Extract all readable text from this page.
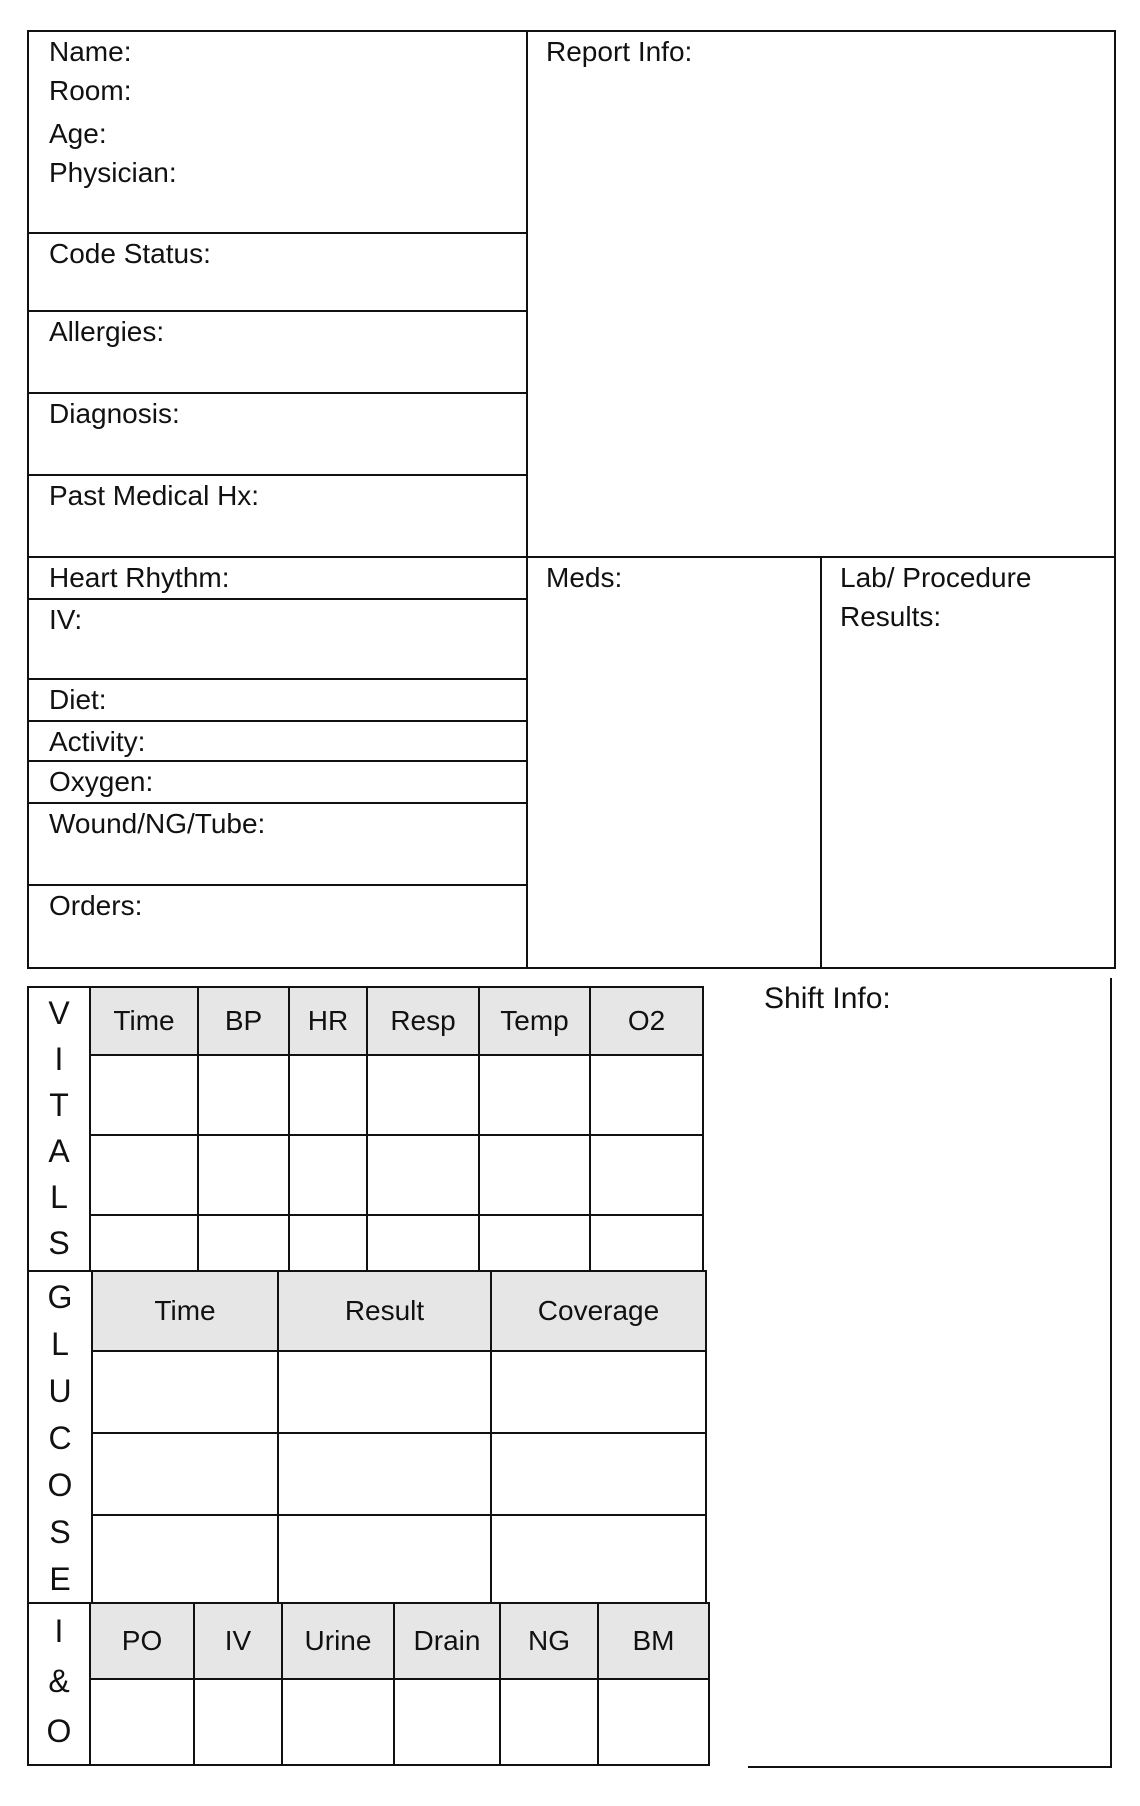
Name:
Room:
Age:
Physician:
Code Status:
Allergies:
Diagnosis:
Past Medical Hx:
Heart Rhythm:
IV:
Diet:
Activity:
Oxygen:
Wound/NG/Tube:
Orders:
Report Info:
Meds:	Lab/ Procedure
Results:
Shift Info:
V
I
T
A
L
S
Time	BP	HR	Resp	Temp	O2
G
L
U
C
O
S
E
Time	Result	Coverage
I
&
O
PO	IV	Urine	Drain	NG	BM
